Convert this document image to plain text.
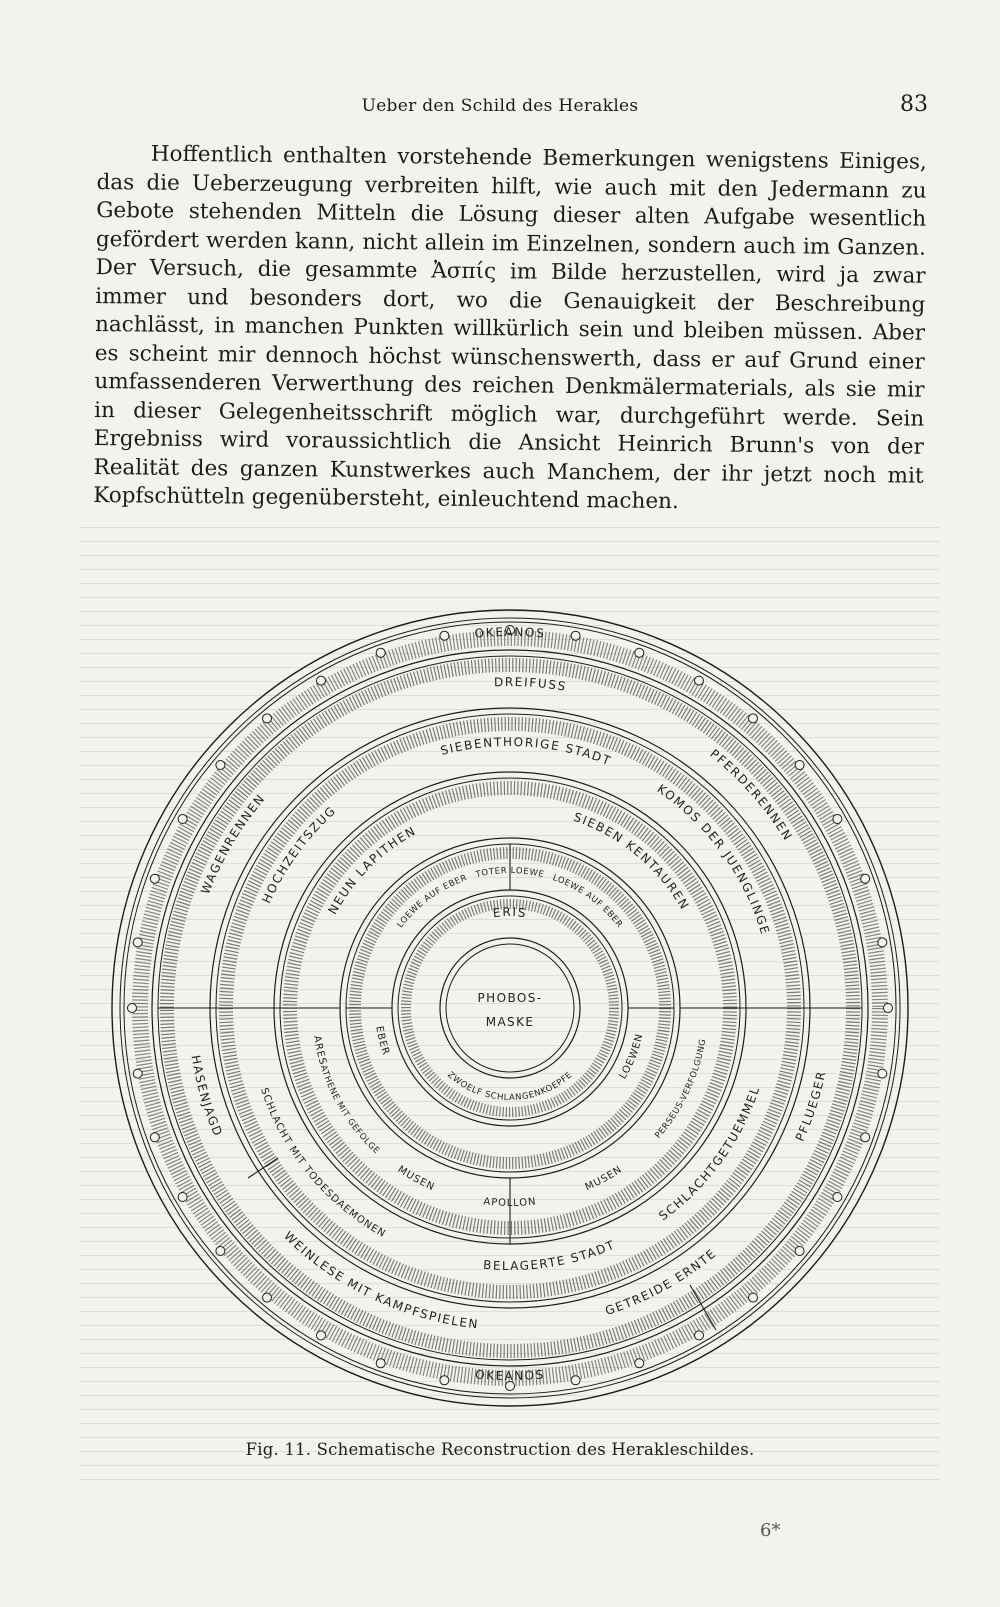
Ueber den Schild des Herakles	83

Hoffentlich enthalten vorstehende Bemerkungen wenigstens Einiges, das die Ueberzeugung verbreiten hilft, wie auch mit den Jedermann zu Gebote stehenden Mitteln die Lösung dieser alten Aufgabe wesentlich gefördert werden kann, nicht allein im Einzelnen, sondern auch im Ganzen. Der Versuch, die gesammte Ἀσπίς im Bilde herzustellen, wird ja zwar immer und besonders dort, wo die Genauigkeit der Beschreibung nachlässt, in manchen Punkten willkürlich sein und bleiben müssen. Aber es scheint mir dennoch höchst wünschenswerth, dass er auf Grund einer umfassenderen Verwerthung des reichen Denkmälermaterials, als sie mir in dieser Gelegenheitsschrift möglich war, durchgeführt werde. Sein Ergebniss wird voraussichtlich die Ansicht Heinrich Brunn's von der Realität des ganzen Kunstwerkes auch Manchem, der ihr jetzt noch mit Kopfschütteln gegenübersteht, einleuchtend machen.

OKEANOS
OKEANOS
DREIFUSS
PFERDERENNEN
WAGENRENNEN
PFLUEGER
GETREIDE ERNTE
WEINLESE MIT KAMPFSPIELEN
HASENJAGD
SIEBENTHORIGE STADT
KOMOS DER JUENGLINGE
HOCHZEITSZUG
SCHLACHTGETUEMMEL
BELAGERTE STADT
SCHLACHT MIT TODESDAEMONEN
NEUN LAPITHEN
SIEBEN KENTAUREN
PERSEUS-VERFOLGUNG
MUSEN
APOLLON
MUSEN
ATHENE MIT GEFOLGE
ARES
LOEWE AUF EBER TOTER LOEWE LOEWE AUF EBER
LOEWEN
EBER
ERIS
ZWOELF SCHLANGENKOEPFE
PHOBOS-
MASKE
Fig. 11. Schematische Reconstruction des Herakleschildes.
6*
